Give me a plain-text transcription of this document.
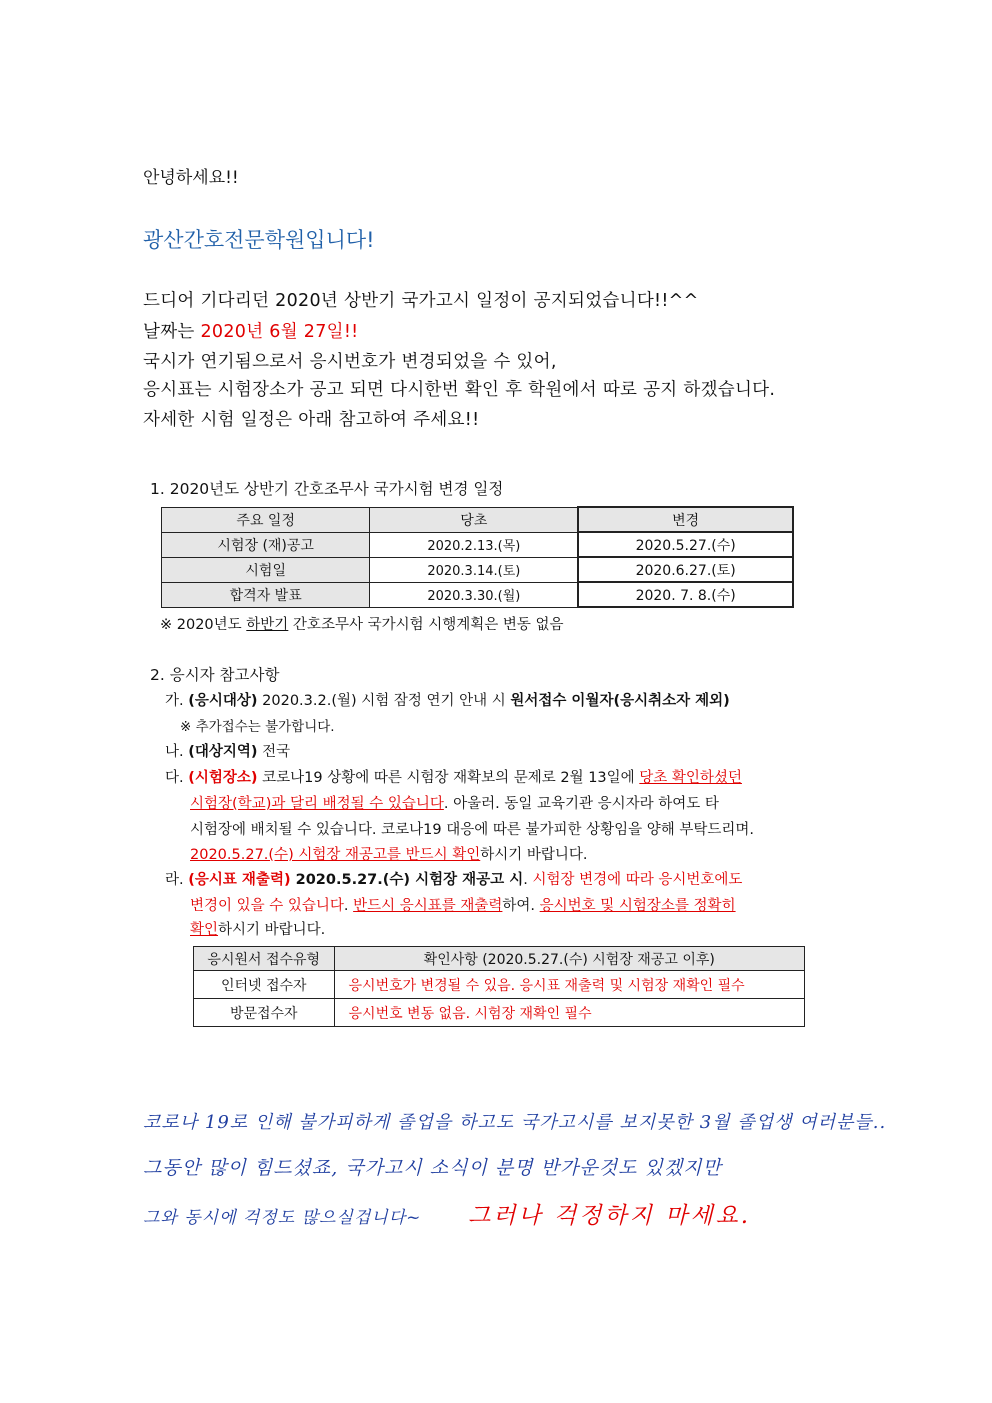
안녕하세요!!
광산간호전문학원입니다!
드디어 기다리던 2020년 상반기 국가고시 일정이 공지되었습니다!!^^
날짜는 2020년 6월 27일!!
국시가 연기됨으로서 응시번호가 변경되었을 수 있어,
응시표는 시험장소가 공고 되면 다시한번 확인 후 학원에서 따로 공지 하겠습니다.
자세한 시험 일정은 아래 참고하여 주세요!!
1. 2020년도 상반기 간호조무사 국가시험 변경 일정
주요 일정	당초	변경
시험장 (재)공고	2020.2.13.(목)	2020.5.27.(수)
시험일	2020.3.14.(토)	2020.6.27.(토)
합격자 발표	2020.3.30.(월)	2020. 7. 8.(수)
※ 2020년도 하반기 간호조무사 국가시험 시행계획은 변동 없음
2. 응시자 참고사항
가. (응시대상) 2020.3.2.(월) 시험 잠정 연기 안내 시 원서접수 이월자(응시취소자 제외)
※ 추가접수는 불가합니다.
나. (대상지역) 전국
다. (시험장소) 코로나19 상황에 따른 시험장 재확보의 문제로 2월 13일에 당초 확인하셨던
시험장(학교)과 달리 배정될 수 있습니다. 아울러. 동일 교육기관 응시자라 하여도 타
시험장에 배치될 수 있습니다. 코로나19 대응에 따른 불가피한 상황임을 양해 부탁드리며.
2020.5.27.(수) 시험장 재공고를 반드시 확인하시기 바랍니다.
라. (응시표 재출력) 2020.5.27.(수) 시험장 재공고 시. 시험장 변경에 따라 응시번호에도
변경이 있을 수 있습니다. 반드시 응시표를 재출력하여. 응시번호 및 시험장소를 정확히
확인하시기 바랍니다.
응시원서 접수유형	확인사항 (2020.5.27.(수) 시험장 재공고 이후)
인터넷 접수자	응시번호가 변경될 수 있음. 응시표 재출력 및 시험장 재확인 필수
방문접수자	응시번호 변동 없음. 시험장 재확인 필수
코로나 19로 인해 불가피하게 졸업을 하고도 국가고시를 보지못한 3월 졸업생 여러분들..
그동안 많이 힘드셨죠, 국가고시 소식이 분명 반가운것도 있겠지만
그와 동시에 걱정도 많으실겁니다~ 그러나 걱정하지 마세요.
